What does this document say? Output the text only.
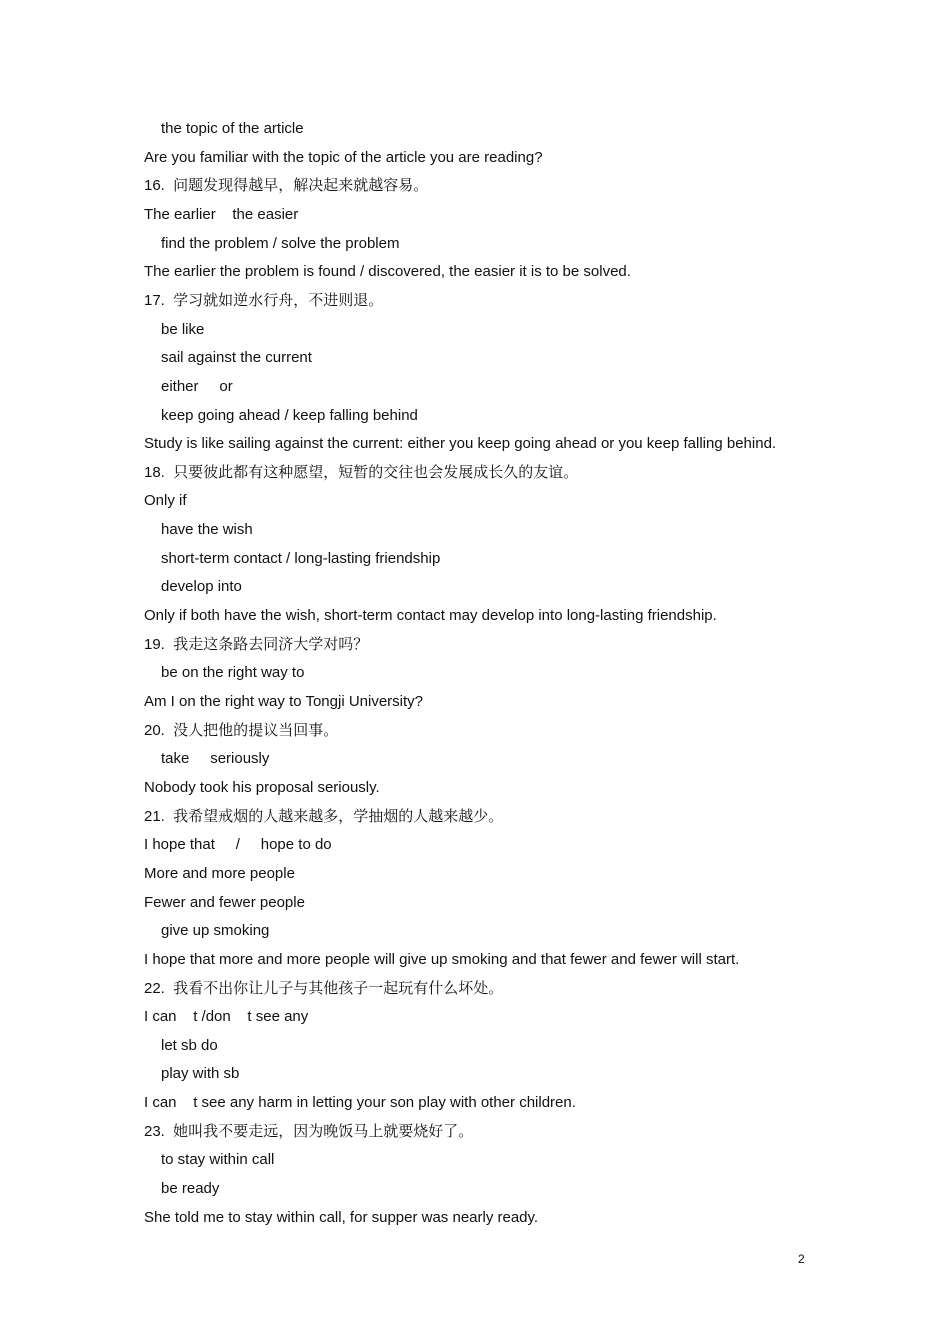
the topic of the article
Are you familiar with the topic of the article you are reading?
16.  问题发现得越早，解决起来就越容易。
The earlier    the easier
find the problem / solve the problem
The earlier the problem is found / discovered, the easier it is to be solved.
17.  学习就如逆水行舟，不进则退。
be like
sail against the current
either     or
keep going ahead / keep falling behind
Study is like sailing against the current: either you keep going ahead or you keep falling behind.
18.  只要彼此都有这种愿望，短暂的交往也会发展成长久的友谊。
Only if
have the wish
short-term contact / long-lasting friendship
develop into
Only if both have the wish, short-term contact may develop into long-lasting friendship.
19.  我走这条路去同济大学对吗？
be on the right way to
Am I on the right way to Tongji University?
20.  没人把他的提议当回事。
take     seriously
Nobody took his proposal seriously.
21.  我希望戒烟的人越来越多，学抽烟的人越来越少。
I hope that     /     hope to do
More and more people
Fewer and fewer people
give up smoking
I hope that more and more people will give up smoking and that fewer and fewer will start.
22.  我看不出你让儿子与其他孩子一起玩有什么坏处。
I can    t /don    t see any
let sb do
play with sb
I can    t see any harm in letting your son play with other children.
23.  她叫我不要走远，因为晚饭马上就要烧好了。
to stay within call
be ready
She told me to stay within call, for supper was nearly ready.
2
